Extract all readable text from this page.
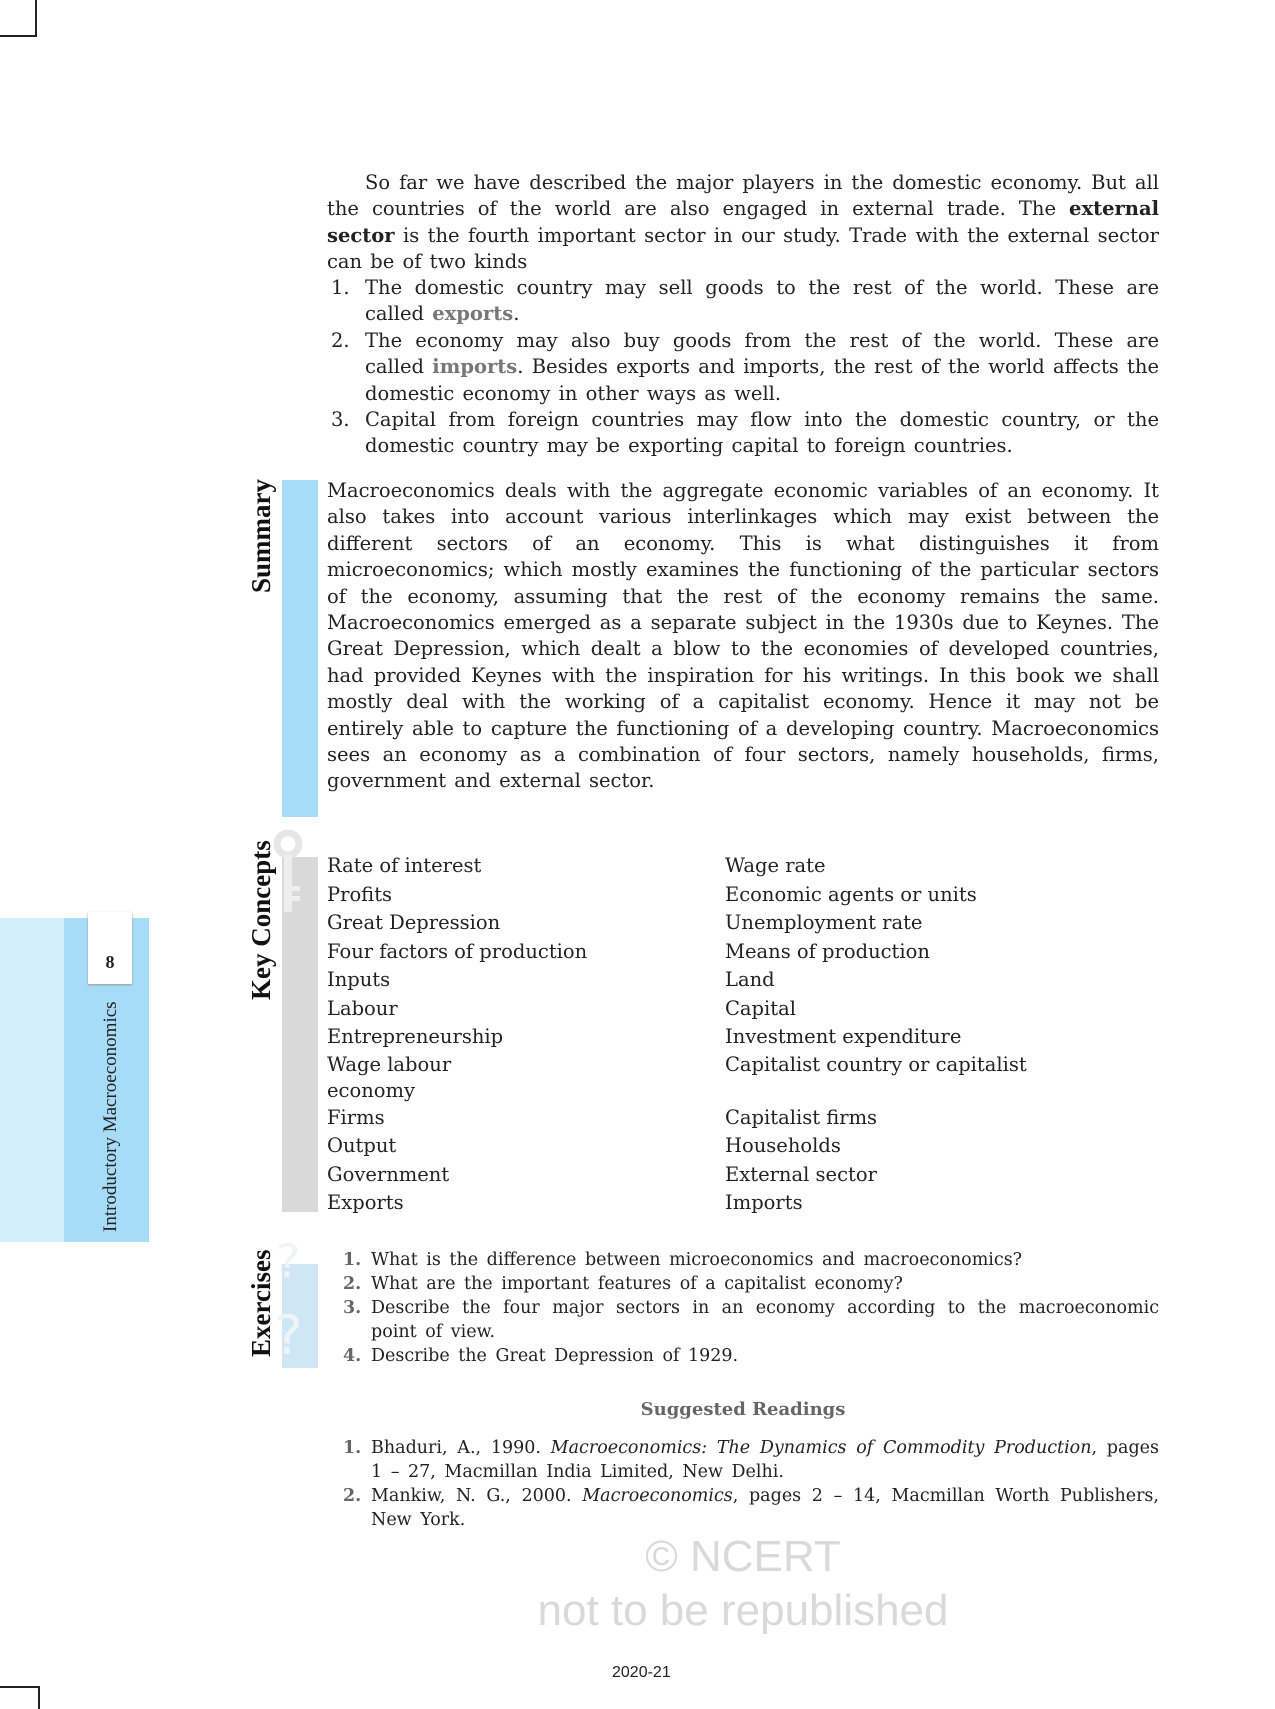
© NCERT
not to be republished
So far we have described the major players in the domestic economy. But all the countries of the world are also engaged in external trade. The external sector is the fourth important sector in our study. Trade with the external sector can be of two kinds
1. The domestic country may sell goods to the rest of the world. These are called exports.
2. The economy may also buy goods from the rest of the world. These are called imports. Besides exports and imports, the rest of the world affects the domestic economy in other ways as well.
3. Capital from foreign countries may flow into the domestic country, or the domestic country may be exporting capital to foreign countries.
Summary	Macroeconomics deals with the aggregate economic variables of an economy. It also takes into account various interlinkages which may exist between the different sectors of an economy. This is what distinguishes it from microeconomics; which mostly examines the functioning of the particular sectors of the economy, assuming that the rest of the economy remains the same. Macroeconomics emerged as a separate subject in the 1930s due to Keynes. The Great Depression, which dealt a blow to the economies of developed countries, had provided Keynes with the inspiration for his writings. In this book we shall mostly deal with the working of a capitalist economy. Hence it may not be entirely able to capture the functioning of a developing country. Macroeconomics sees an economy as a combination of four sectors, namely households, firms, government and external sector.
Key Concepts	Rate of interest	Wage rate
Profits	Economic agents or units
Great Depression	Unemployment rate
Four factors of production	Means of production
Inputs	Land
Labour	Capital
Entrepreneurship	Investment expenditure
Wage labour	Capitalist country or capitalist
economy
Firms	Capitalist firms
Output	Households
Government	External sector
Exports	Imports
?
?
Exercises	1. What is the difference between microeconomics and macroeconomics?
2. What are the important features of a capitalist economy?
3. Describe the four major sectors in an economy according to the macroeconomic point of view.
4. Describe the Great Depression of 1929.
Suggested Readings
1. Bhaduri, A., 1990. Macroeconomics: The Dynamics of Commodity Production, pages 1 – 27, Macmillan India Limited, New Delhi.
2. Mankiw, N. G., 2000. Macroeconomics, pages 2 – 14, Macmillan Worth Publishers, New York.
8
Introductory Macroeconomics
2020-21
